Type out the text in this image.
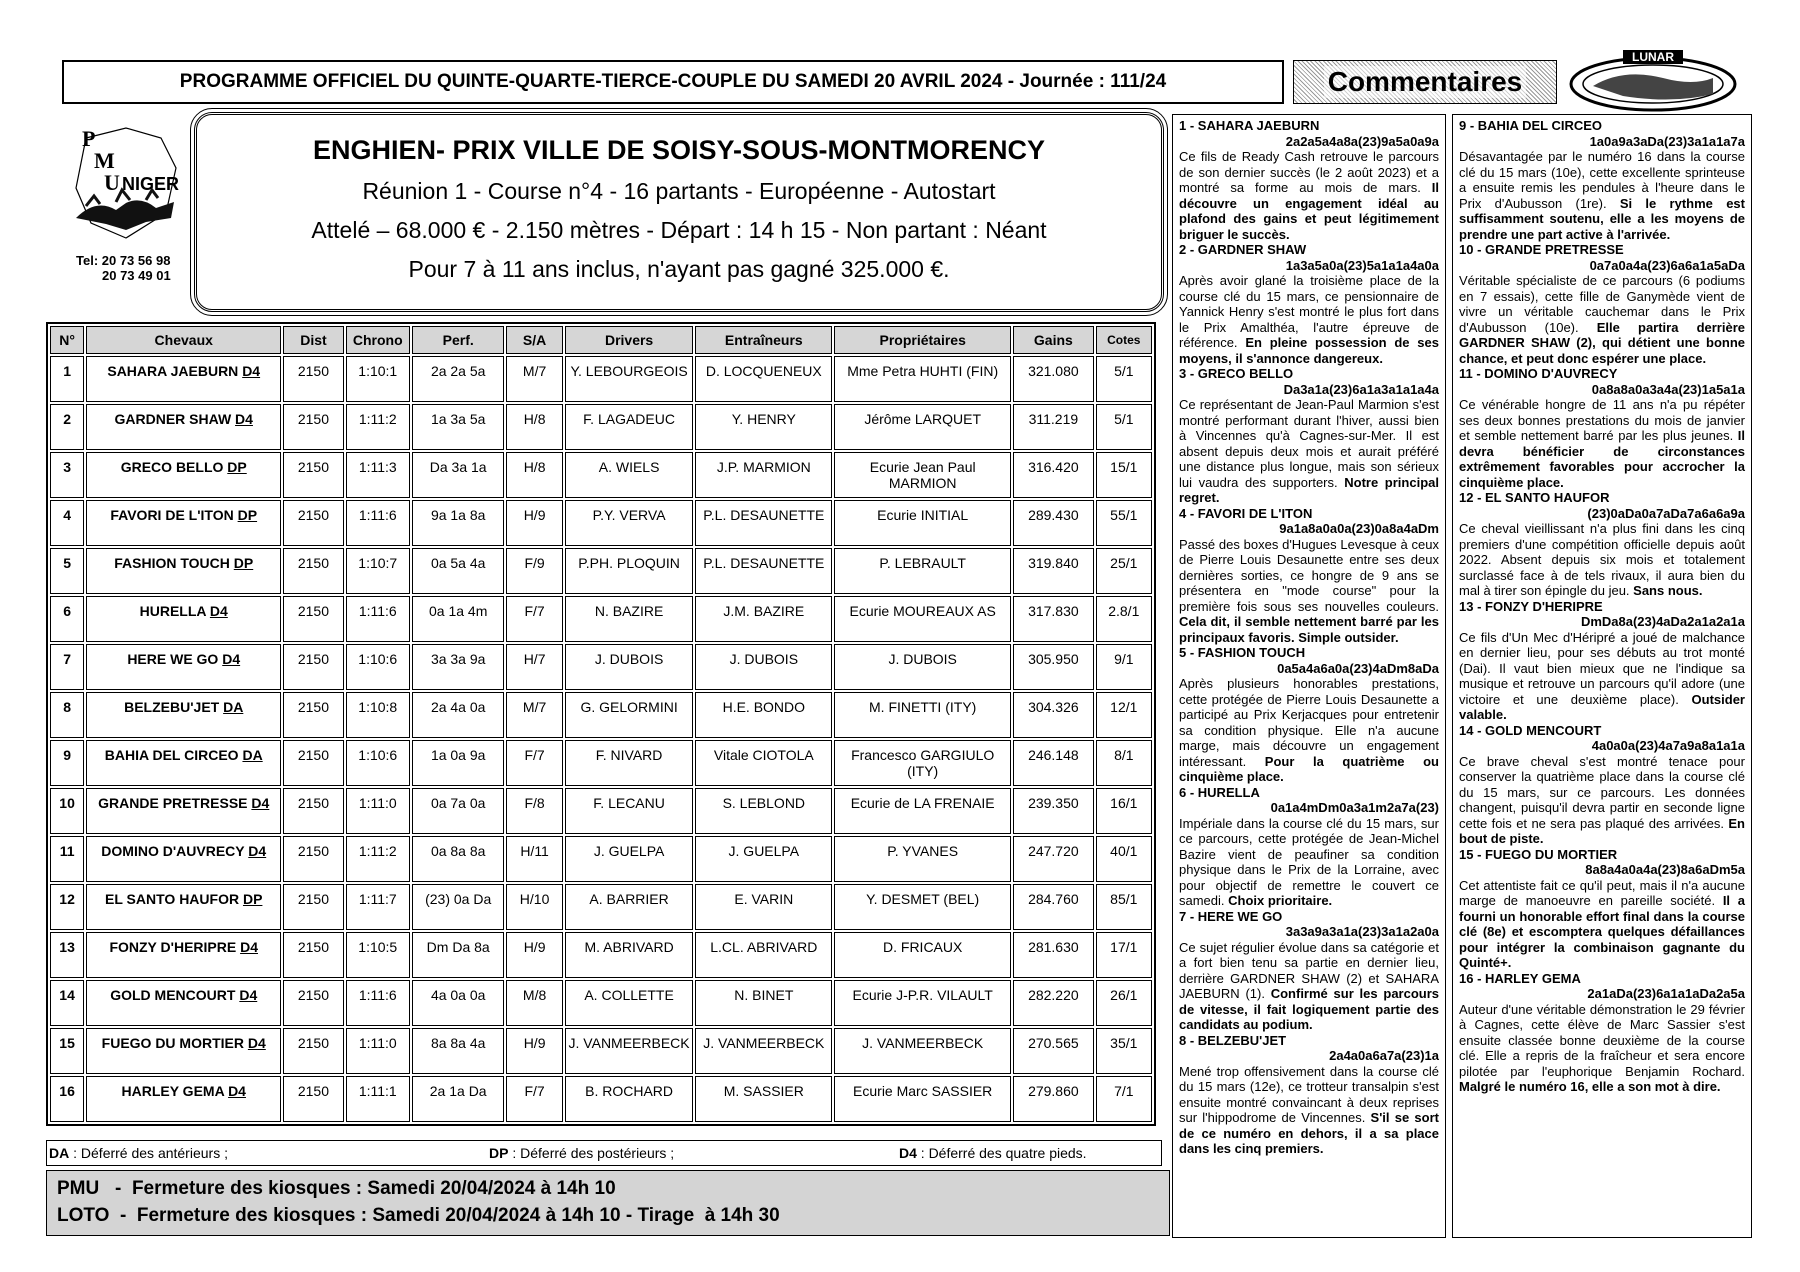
PROGRAMME OFFICIEL DU QUINTE-QUARTE-TIERCE-COUPLE DU SAMEDI 20 AVRIL 2024 - Journée : 111/24	Commentaires
LUNAR
P
M
U NIGER
Tel: 20 73 56 98
20 73 49 01
ENGHIEN- PRIX VILLE DE SOISY-SOUS-MONTMORENCY
Réunion 1 - Course n°4 - 16 partants - Européenne - Autostart
Attelé – 68.000 € - 2.150 mètres - Départ : 14 h 15 - Non partant : Néant
Pour 7 à 11 ans inclus, n'ayant pas gagné 325.000 €.
N°	Chevaux	Dist	Chrono	Perf.	S/A	Drivers	Entraîneurs	Propriétaires	Gains	Cotes
1	SAHARA JAEBURN D4	2150	1:10:1	2a 2a 5a	M/7	Y. LEBOURGEOIS	D. LOCQUENEUX	Mme Petra HUHTI (FIN)	321.080	5/1
2	GARDNER SHAW D4	2150	1:11:2	1a 3a 5a	H/8	F. LAGADEUC	Y. HENRY	Jérôme LARQUET	311.219	5/1
3	GRECO BELLO DP	2150	1:11:3	Da 3a 1a	H/8	A. WIELS	J.P. MARMION	Ecurie Jean Paul MARMION	316.420	15/1
4	FAVORI DE L'ITON DP	2150	1:11:6	9a 1a 8a	H/9	P.Y. VERVA	P.L. DESAUNETTE	Ecurie INITIAL	289.430	55/1
5	FASHION TOUCH DP	2150	1:10:7	0a 5a 4a	F/9	P.PH. PLOQUIN	P.L. DESAUNETTE	P. LEBRAULT	319.840	25/1
6	HURELLA D4	2150	1:11:6	0a 1a 4m	F/7	N. BAZIRE	J.M. BAZIRE	Ecurie MOUREAUX AS	317.830	2.8/1
7	HERE WE GO D4	2150	1:10:6	3a 3a 9a	H/7	J. DUBOIS	J. DUBOIS	J. DUBOIS	305.950	9/1
8	BELZEBU'JET DA	2150	1:10:8	2a 4a 0a	M/7	G. GELORMINI	H.E. BONDO	M. FINETTI (ITY)	304.326	12/1
9	BAHIA DEL CIRCEO DA	2150	1:10:6	1a 0a 9a	F/7	F. NIVARD	Vitale CIOTOLA	Francesco GARGIULO (ITY)	246.148	8/1
10	GRANDE PRETRESSE D4	2150	1:11:0	0a 7a 0a	F/8	F. LECANU	S. LEBLOND	Ecurie de LA FRENAIE	239.350	16/1
11	DOMINO D'AUVRECY D4	2150	1:11:2	0a 8a 8a	H/11	J. GUELPA	J. GUELPA	P. YVANES	247.720	40/1
12	EL SANTO HAUFOR DP	2150	1:11:7	(23) 0a Da	H/10	A. BARRIER	E. VARIN	Y. DESMET (BEL)	284.760	85/1
13	FONZY D'HERIPRE D4	2150	1:10:5	Dm Da 8a	H/9	M. ABRIVARD	L.CL. ABRIVARD	D. FRICAUX	281.630	17/1
14	GOLD MENCOURT D4	2150	1:11:6	4a 0a 0a	M/8	A. COLLETTE	N. BINET	Ecurie J-P.R. VILAULT	282.220	26/1
15	FUEGO DU MORTIER D4	2150	1:11:0	8a 8a 4a	H/9	J. VANMEERBECK	J. VANMEERBECK	J. VANMEERBECK	270.565	35/1
16	HARLEY GEMA D4	2150	1:11:1	2a 1a Da	F/7	B. ROCHARD	M. SASSIER	Ecurie Marc SASSIER	279.860	7/1
DA : Déferré des antérieurs ;	DP : Déferré des postérieurs ;	D4 : Déferré des quatre pieds.
PMU   -  Fermeture des kiosques : Samedi 20/04/2024 à 14h 10
LOTO  -  Fermeture des kiosques : Samedi 20/04/2024 à 14h 10 - Tirage  à 14h 30
1 - SAHARA JAEBURN
2a2a5a4a8a(23)9a5a0a9a
Ce fils de Ready Cash retrouve le parcours de son dernier succès (le 2 août 2023) et a montré sa forme au mois de mars. Il découvre un engagement idéal au plafond des gains et peut légitimement briguer le succès.
2 - GARDNER SHAW
1a3a5a0a(23)5a1a1a4a0a
Après avoir glané la troisième place de la course clé du 15 mars, ce pensionnaire de Yannick Henry s'est montré le plus fort dans le Prix Amalthéa, l'autre épreuve de référence. En pleine possession de ses moyens, il s'annonce dangereux.
3 - GRECO BELLO
Da3a1a(23)6a1a3a1a1a4a
Ce représentant de Jean-Paul Marmion s'est montré performant durant l'hiver, aussi bien à Vincennes qu'à Cagnes-sur-Mer. Il est absent depuis deux mois et aurait préféré une distance plus longue, mais son sérieux lui vaudra des supporters. Notre principal regret.
4 - FAVORI DE L'ITON
9a1a8a0a0a(23)0a8a4aDm
Passé des boxes d'Hugues Levesque à ceux de Pierre Louis Desaunette entre ses deux dernières sorties, ce hongre de 9 ans se présentera en "mode course" pour la première fois sous ses nouvelles couleurs. Cela dit, il semble nettement barré par les principaux favoris. Simple outsider.
5 - FASHION TOUCH
0a5a4a6a0a(23)4aDm8aDa
Après plusieurs honorables prestations, cette protégée de Pierre Louis Desaunette a participé au Prix Kerjacques pour entretenir sa condition physique. Elle n'a aucune marge, mais découvre un engagement intéressant. Pour la quatrième ou cinquième place.
6 - HURELLA
0a1a4mDm0a3a1m2a7a(23)
Impériale dans la course clé du 15 mars, sur ce parcours, cette protégée de Jean-Michel Bazire vient de peaufiner sa condition physique dans le Prix de la Lorraine, avec pour objectif de remettre le couvert ce samedi. Choix prioritaire.
7 - HERE WE GO
3a3a9a3a1a(23)3a1a2a0a
Ce sujet régulier évolue dans sa catégorie et a fort bien tenu sa partie en dernier lieu, derrière GARDNER SHAW (2) et SAHARA JAEBURN (1). Confirmé sur les parcours de vitesse, il fait logiquement partie des candidats au podium.
8 - BELZEBU'JET
2a4a0a6a7a(23)1a
Mené trop offensivement dans la course clé du 15 mars (12e), ce trotteur transalpin s'est ensuite montré convaincant à deux reprises sur l'hippodrome de Vincennes. S'il se sort de ce numéro en dehors, il a sa place dans les cinq premiers.
9 - BAHIA DEL CIRCEO
1a0a9a3aDa(23)3a1a1a7a
Désavantagée par le numéro 16 dans la course clé du 15 mars (10e), cette excellente sprinteuse a ensuite remis les pendules à l'heure dans le Prix d'Aubusson (1re). Si le rythme est suffisamment soutenu, elle a les moyens de prendre une part active à l'arrivée.
10 - GRANDE PRETRESSE
0a7a0a4a(23)6a6a1a5aDa
Véritable spécialiste de ce parcours (6 podiums en 7 essais), cette fille de Ganymède vient de vivre un véritable cauchemar dans le Prix d'Aubusson (10e). Elle partira derrière GARDNER SHAW (2), qui détient une bonne chance, et peut donc espérer une place.
11 - DOMINO D'AUVRECY
0a8a8a0a3a4a(23)1a5a1a
Ce vénérable hongre de 11 ans n'a pu répéter ses deux bonnes prestations du mois de janvier et semble nettement barré par les plus jeunes. Il devra bénéficier de circonstances extrêmement favorables pour accrocher la cinquième place.
12 - EL SANTO HAUFOR
(23)0aDa0a7aDa7a6a6a9a
Ce cheval vieillissant n'a plus fini dans les cinq premiers d'une compétition officielle depuis août 2022. Absent depuis six mois et totalement surclassé face à de tels rivaux, il aura bien du mal à tirer son épingle du jeu. Sans nous.
13 - FONZY D'HERIPRE
DmDa8a(23)4aDa2a1a2a1a
Ce fils d'Un Mec d'Héripré a joué de malchance en dernier lieu, pour ses débuts au trot monté (Dai). Il vaut bien mieux que ne l'indique sa musique et retrouve un parcours qu'il adore (une victoire et une deuxième place). Outsider valable.
14 - GOLD MENCOURT
4a0a0a(23)4a7a9a8a1a1a
Ce brave cheval s'est montré tenace pour conserver la quatrième place dans la course clé du 15 mars, sur ce parcours. Les données changent, puisqu'il devra partir en seconde ligne cette fois et ne sera pas plaqué des arrivées. En bout de piste.
15 - FUEGO DU MORTIER
8a8a4a0a4a(23)8a6aDm5a
Cet attentiste fait ce qu'il peut, mais il n'a aucune marge de manoeuvre en pareille société. Il a fourni un honorable effort final dans la course clé (8e) et escomptera quelques défaillances pour intégrer la combinaison gagnante du Quinté+.
16 - HARLEY GEMA
2a1aDa(23)6a1a1aDa2a5a
Auteur d'une véritable démonstration le 29 février à Cagnes, cette élève de Marc Sassier s'est ensuite classée bonne deuxième de la course clé. Elle a repris de la fraîcheur et sera encore pilotée par l'euphorique Benjamin Rochard. Malgré le numéro 16, elle a son mot à dire.
